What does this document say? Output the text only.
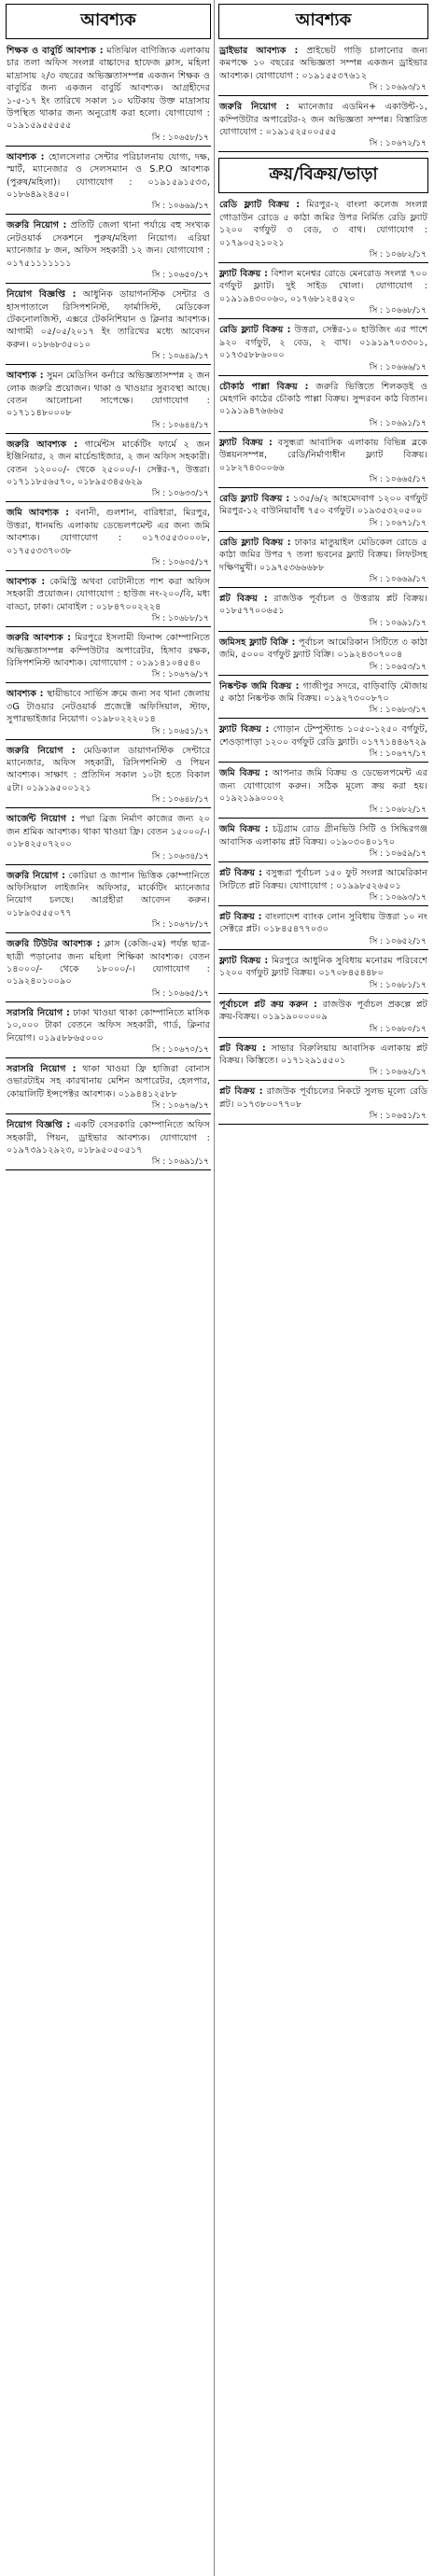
আবশ্যক
শিক্ষক ও বাবুর্চি আবশ্যক : মতিঝিল বাণিজ্যিক এলাকায় চার তলা অফিস সংলগ্ন বাচ্চাদের হাফেজ ক্লাস, মহিলা মাদ্রাসায় ২/৩ বছরের অভিজ্ঞতাসম্পন্ন একজন শিক্ষক ও বাবুর্চির জন্য একজন বাবুর্চি আবশ্যক। আগ্রহীদের ১-৫-১৭ ইং তারিখে সকাল ১০ ঘটিকায় উক্ত মাদ্রাসায় উপস্থিত থাকার জন্য অনুরোধ করা হলো। যোগাযোগ : ০১৯১৫৯৫৫৫৫৫
সি : ১০৬৫৮/১৭
আবশ্যক : হোলসেলার সেন্টার পরিচালনায় যোগ্য, দক্ষ, স্মার্ট, ম্যানেজার ও সেলসম্যান ও S.P.O আবশ্যক (পুরুষ/মহিলা)। যোগাযোগ : ০১৯১৫৯১৫৩৩, ০১৮৬৪৯২৪৫০।
সি : ১০৬৬৯/১৭
জরুরি নিয়োগ : প্রতিটি জেলা থানা পর্যায়ে বহু সংখ্যক নেটওয়ার্ক সেকশনে পুরুষ/মহিলা নিয়োগ। এরিয়া ম্যানেজার ৮ জন, অফিস সহকারী ১২ জন। যোগাযোগ : ০১৭৫১১১১১১১
সি : ১০৬৫০/১৭
নিয়োগ বিজ্ঞপ্তি : আধুনিক ডায়াগনস্টিক সেন্টার ও হাসপাতালে রিসিপশনিস্ট, ফার্মাসিস্ট, মেডিকেল টেকনোলজিস্ট, এক্সরে টেকনিশিয়ান ও ক্লিনার আবশ্যক। আগামী ০৫/০৫/২০১৭ ইং তারিখের মধ্যে আবেদন করুন। ০১৮৬৮৩৫০১০
সি : ১০৬৪৯/১৭
আবশ্যক : সুমন মেডিসিন কর্নারে অভিজ্ঞতাসম্পন্ন ২ জন লোক জরুরি প্রয়োজন। থাকা ও খাওয়ার সুব্যবস্থা আছে। বেতন আলোচনা সাপেক্ষে। যোগাযোগ : ০১৭১১৪৮০০০৮
সি : ১০৬৪৪/১৭
জরুরি আবশ্যক : গার্মেন্টস মার্কেটিং ফার্মে ২ জন ইঞ্জিনিয়ার, ২ জন মার্চেন্ডাইজার, ২ জন অফিস সহকারী। বেতন ১২০০০/- থেকে ২৫০০০/-। সেক্টর-৭, উত্তরা। ০১৭১১৮৫৬৫৭০, ০১৮৯৫৩৪৫৬২৯
সি : ১০৬৩৩/১৭
জমি আবশ্যক : বনানী, গুলশান, বারিধারা, মিরপুর, উত্তরা, ধানমন্ডি এলাকায় ডেভেলপমেন্ট এর জন্য জমি আবশ্যক। যোগাযোগ : ০১৭৩৫৫৩০০০৮, ০১৭৫৫৩৩৭০৩৮
সি : ১০৬০৫/১৭
আবশ্যক : কেমিস্ট্রি অথবা বোটানীতে পাশ করা অফিস সহকারী প্রয়োজন। যোগাযোগ : হাউজ নং-২০০/বি, মধ্য বাড্ডা, ঢাকা। মোবাইল : ০১৮৪৭০০২২২৪
সি : ১০৬৮৮/১৭
জরুরি আবশ্যক : মিরপুরে ইসলামী ফিনান্স কোম্পানিতে অভিজ্ঞতাসম্পন্ন কম্পিউটার অপারেটর, হিসাব রক্ষক, রিসিপশনিস্ট আবশ্যক। যোগাযোগ : ০১৯১৪১০৪৫৪০
সি : ১০৬৭৬/১৭
আবশ্যক : স্থায়ীভাবে সার্ভিস ক্রমে জন্য সব থানা জেলায় ৩G টাওয়ার নেটওয়ার্ক প্রজেক্টে অফিসিয়াল, স্টাফ, সুপারভাইজার নিয়োগ। ০১৯৮০২২২০১৪
সি : ১০৬৫১/১৭
জরুরি নিয়োগ : মেডিক্যাল ডায়াগনস্টিক সেন্টারে ম্যানেজার, অফিস সহকারী, রিসিপশনিস্ট ও পিয়ন আবশ্যক। সাক্ষাৎ : প্রতিদিন সকাল ১০টা হতে বিকাল ৫টা। ০১৯১৯৫০০১২১
সি : ১০৬৪৮/১৭
আর্জেন্ট নিয়োগ : পদ্মা ব্রিজ নির্মাণ কাজের জন্য ২০ জন শ্রমিক আবশ্যক। থাকা খাওয়া ফ্রি। বেতন ১৫০০০/-। ০১৮৪২৫০৭২০০
সি : ১০৬৩৪/১৭
জরুরি নিয়োগ : কোরিয়া ও জাপান ভিত্তিক কোম্পানিতে অফিসিয়াল লাইজনিং অফিসার, মার্কেটিং ম্যানেজার নিয়োগ চলছে। আগ্রহীরা আবেদন করুন। ০১৮৯৩৫৫৫০৭৭
সি : ১০৬৭৮/১৭
জরুরি টিউটর আবশ্যক : ক্লাস (কেজি-৫ম) পর্যন্ত ছাত্র-ছাত্রী পড়ানোর জন্য মহিলা শিক্ষিকা আবশ্যক। বেতন ১৪০০০/- থেকে ১৮০০০/-। যোগাযোগ : ০১৯২৪০১০০৯০
সি : ১০৬৬৫/১৭
সরাসরি নিয়োগ : ঢাকা খাওয়া থাকা কোম্পানিতে মাসিক ১০,০০০ টাকা বেতনে অফিস সহকারী, গার্ড, ক্লিনার নিয়োগ। ০১৯৫৮৮৬৫০০০
সি : ১০৬৭০/১৭
সরাসরি নিয়োগ : থাকা খাওয়া ফ্রি হাজিরা বোনাস ওভারটাইম সহ কারখানায় মেশিন অপারেটর, হেলপার, কোয়ালিটি ইন্সপেক্টর আবশ্যক। ০১৯৪৪১২৫৮৮
সি : ১০৬৭৬/১৭
নিয়োগ বিজ্ঞপ্তি : একটি বেসরকারি কোম্পানিতে অফিস সহকারী, পিয়ন, ড্রাইভার আবশ্যক। যোগাযোগ : ০১৯৭৩৯১২৯২৩, ০১৮৯৫০৫০৫১৭
সি : ১০৬৯১/১৭
আবশ্যক
ড্রাইভার আবশ্যক : প্রাইভেট গাড়ি চালানোর জন্য কমপক্ষে ১০ বছরের অভিজ্ঞতা সম্পন্ন একজন ড্রাইভার আবশ্যক। যোগাযোগ : ০১৯১৫৫৩৭৬১২
সি : ১০৬৯৩/১৭
জরুরি নিয়োগ : ম্যানেজার এডমিন+ একাউন্ট-১, কম্পিউটার অপারেটর-২ জন অভিজ্ঞতা সম্পন্ন। বিস্তারিত যোগাযোগ : ০১৯১৫২৫০০৫৫৫
সি : ১০৬৭২/১৭
ক্রয়/বিক্রয়/ভাড়া
রেডি ফ্ল্যাট বিক্রয় : মিরপুর-২ বাংলা কলেজ সংলগ্ন গোডাউন রোডে ৫ কাঠা জমির উপর নির্মিত রেডি ফ্ল্যাট ১২০০ বর্গফুট ৩ বেড, ৩ বাথ। যোগাযোগ : ০১৭৯০৫২১০২১
সি : ১০৬৮২/১৭
ফ্ল্যাট বিক্রয় : বিশাল মনেশ্বর রোডে মেনরোড সংলগ্ন ৭০০ বর্গফুট ফ্ল্যাট। দুই সাইড খোলা। যোগাযোগ : ০১৯১৯৪৩০০৬০, ০১৭৬৮১২৪৫২০
সি : ১০৬৬৮/১৭
রেডি ফ্ল্যাট বিক্রয় : উত্তরা, সেক্টর-১০ হাউজিং এর পাশে ৯২০ বর্গফুট, ২ বেড, ২ বাথ। ০১৯১৯৭০৩৩০১, ০১৭৩৫৮৮৬০০০
সি : ১০৬৬৬/১৭
চৌকাঠ পাল্লা বিক্রয় : জরুরি ভিত্তিতে শিলকড়ই ও মেহগনি কাঠের চৌকাঠ পাল্লা বিক্রয়। সুন্দরবন কাঠ বিতান। ০১৯১৯৪৭৬৬৬৫
সি : ১০৬৯১/১৭
ফ্ল্যাট বিক্রয় : বসুন্ধরা আবাসিক এলাকায় বিভিন্ন ব্লকে উন্নয়নসম্পন্ন, রেডি/নির্মাণাধীন ফ্ল্যাট বিক্রয়। ০১৮২৭৪৩০০৬৬
সি : ১০৬৬৫/১৭
রেডি ফ্ল্যাট বিক্রয় : ১৩৫/৬/২ আহমেদবাগ ১২০০ বর্গফুট মিরপুর-১২ বাউনিয়াবাঁধ ৭৫০ বর্গফুট। ০১৯৩৫৩২০৫০০
সি : ১০৬৭১/১৭
রেডি ফ্ল্যাট বিক্রয় : ঢাকার মাতুয়াইল মেডিকেল রোডে ৫ কাঠা জমির উপর ৭ তলা ভবনের ফ্ল্যাট বিক্রয়। লিফটসহ দক্ষিণমুখী। ০১৯৭৫৩৬৬৬৮৮
সি : ১০৬৬৯/১৭
প্লট বিক্রয় : রাজউক পূর্বাচল ও উত্তরায় প্লট বিক্রয়। ০১৮৫৭৭০০৬৫১
সি : ১০৬৯১/১৭
জমিসহ ফ্ল্যাট বিক্রি : পূর্বাচল আমেরিকান সিটিতে ৩ কাঠা জমি, ৫০০০ বর্গফুট ফ্ল্যাট বিক্রি। ০১৯২৪৩০৭০০৪
সি : ১০৬৫৩/১৭
নিষ্কণ্টক জমি বিক্রয় : গাজীপুর সদরে, বাড়িবাড়ি মৌজায় ৫ কাঠা নিষ্কণ্টক জমি বিক্রয়। ০১৯২৭৩০০৮৭০
সি : ১০৬৮৩/১৭
ফ্ল্যাট বিক্রয় : গোড়ান টেম্পুস্ট্যান্ড ১০৫০-১২৫০ বর্গফুট, শেওড়াপাড়া ১২০০ বর্গফুট রেডি ফ্ল্যাট। ০১৭৭১৪৪৬৭২৯
সি : ১০৬৭৭/১৭
জমি বিক্রয় : আপনার জমি বিক্রয় ও ডেভেলপমেন্ট এর জন্য যোগাযোগ করুন। সঠিক মূল্যে ক্রয় করা হয়। ০১৯২১৯৯০০০২
সি : ১০৬৮২/১৭
জমি বিক্রয় : চট্টগ্রাম রোড গ্রীনভিউ সিটি ও সিদ্ধিরগঞ্জ আবাসিক এলাকায় প্লট বিক্রয়। ০১৯০৩০৪০১৭০
সি : ১০৬৫৯/১৭
প্লট বিক্রয় : বসুন্ধরা পূর্বাচল ১৫০ ফুট সংলগ্ন আমেরিকান সিটিতে প্লট বিক্রয়। যোগাযোগ : ০১৯৯৮৫২৬৫০১
সি : ১০৬৯৩/১৭
প্লট বিক্রয় : বাংলাদেশ ব্যাংক লোন সুবিধায় উত্তরা ১০ নং সেক্টরে প্লট। ০১৮৪৫৪৭৭০৩০
সি : ১০৬৫২/১৭
ফ্ল্যাট বিক্রয় : মিরপুরে আধুনিক সুবিধায় মনোরম পরিবেশে ১২০০ বর্গফুট ফ্ল্যাট বিক্রয়। ০১৭০৮৪৫৪৪৮০
সি : ১০৬৮১/১৭
পূর্বাচলে প্লট ক্রয় করুন : রাজউক পূর্বাচল প্রকল্পে প্লট ক্রয়-বিক্রয়। ০১৯১৯০০০০০৯
সি : ১০৬৮০/১৭
প্লট বিক্রয় : সাভার বিরুলিয়ায় আবাসিক এলাকায় প্লট বিক্রয়। কিস্তিতে। ০১৭১২৯১৫৫০১
সি : ১০৬৬২/১৭
প্লট বিক্রয় : রাজউক পূর্বাচলের নিকটে সুলভ মূল্যে রেডি প্লট। ০১৭৩৮০০৭৭০৮
সি : ১০৬৫১/১৭
